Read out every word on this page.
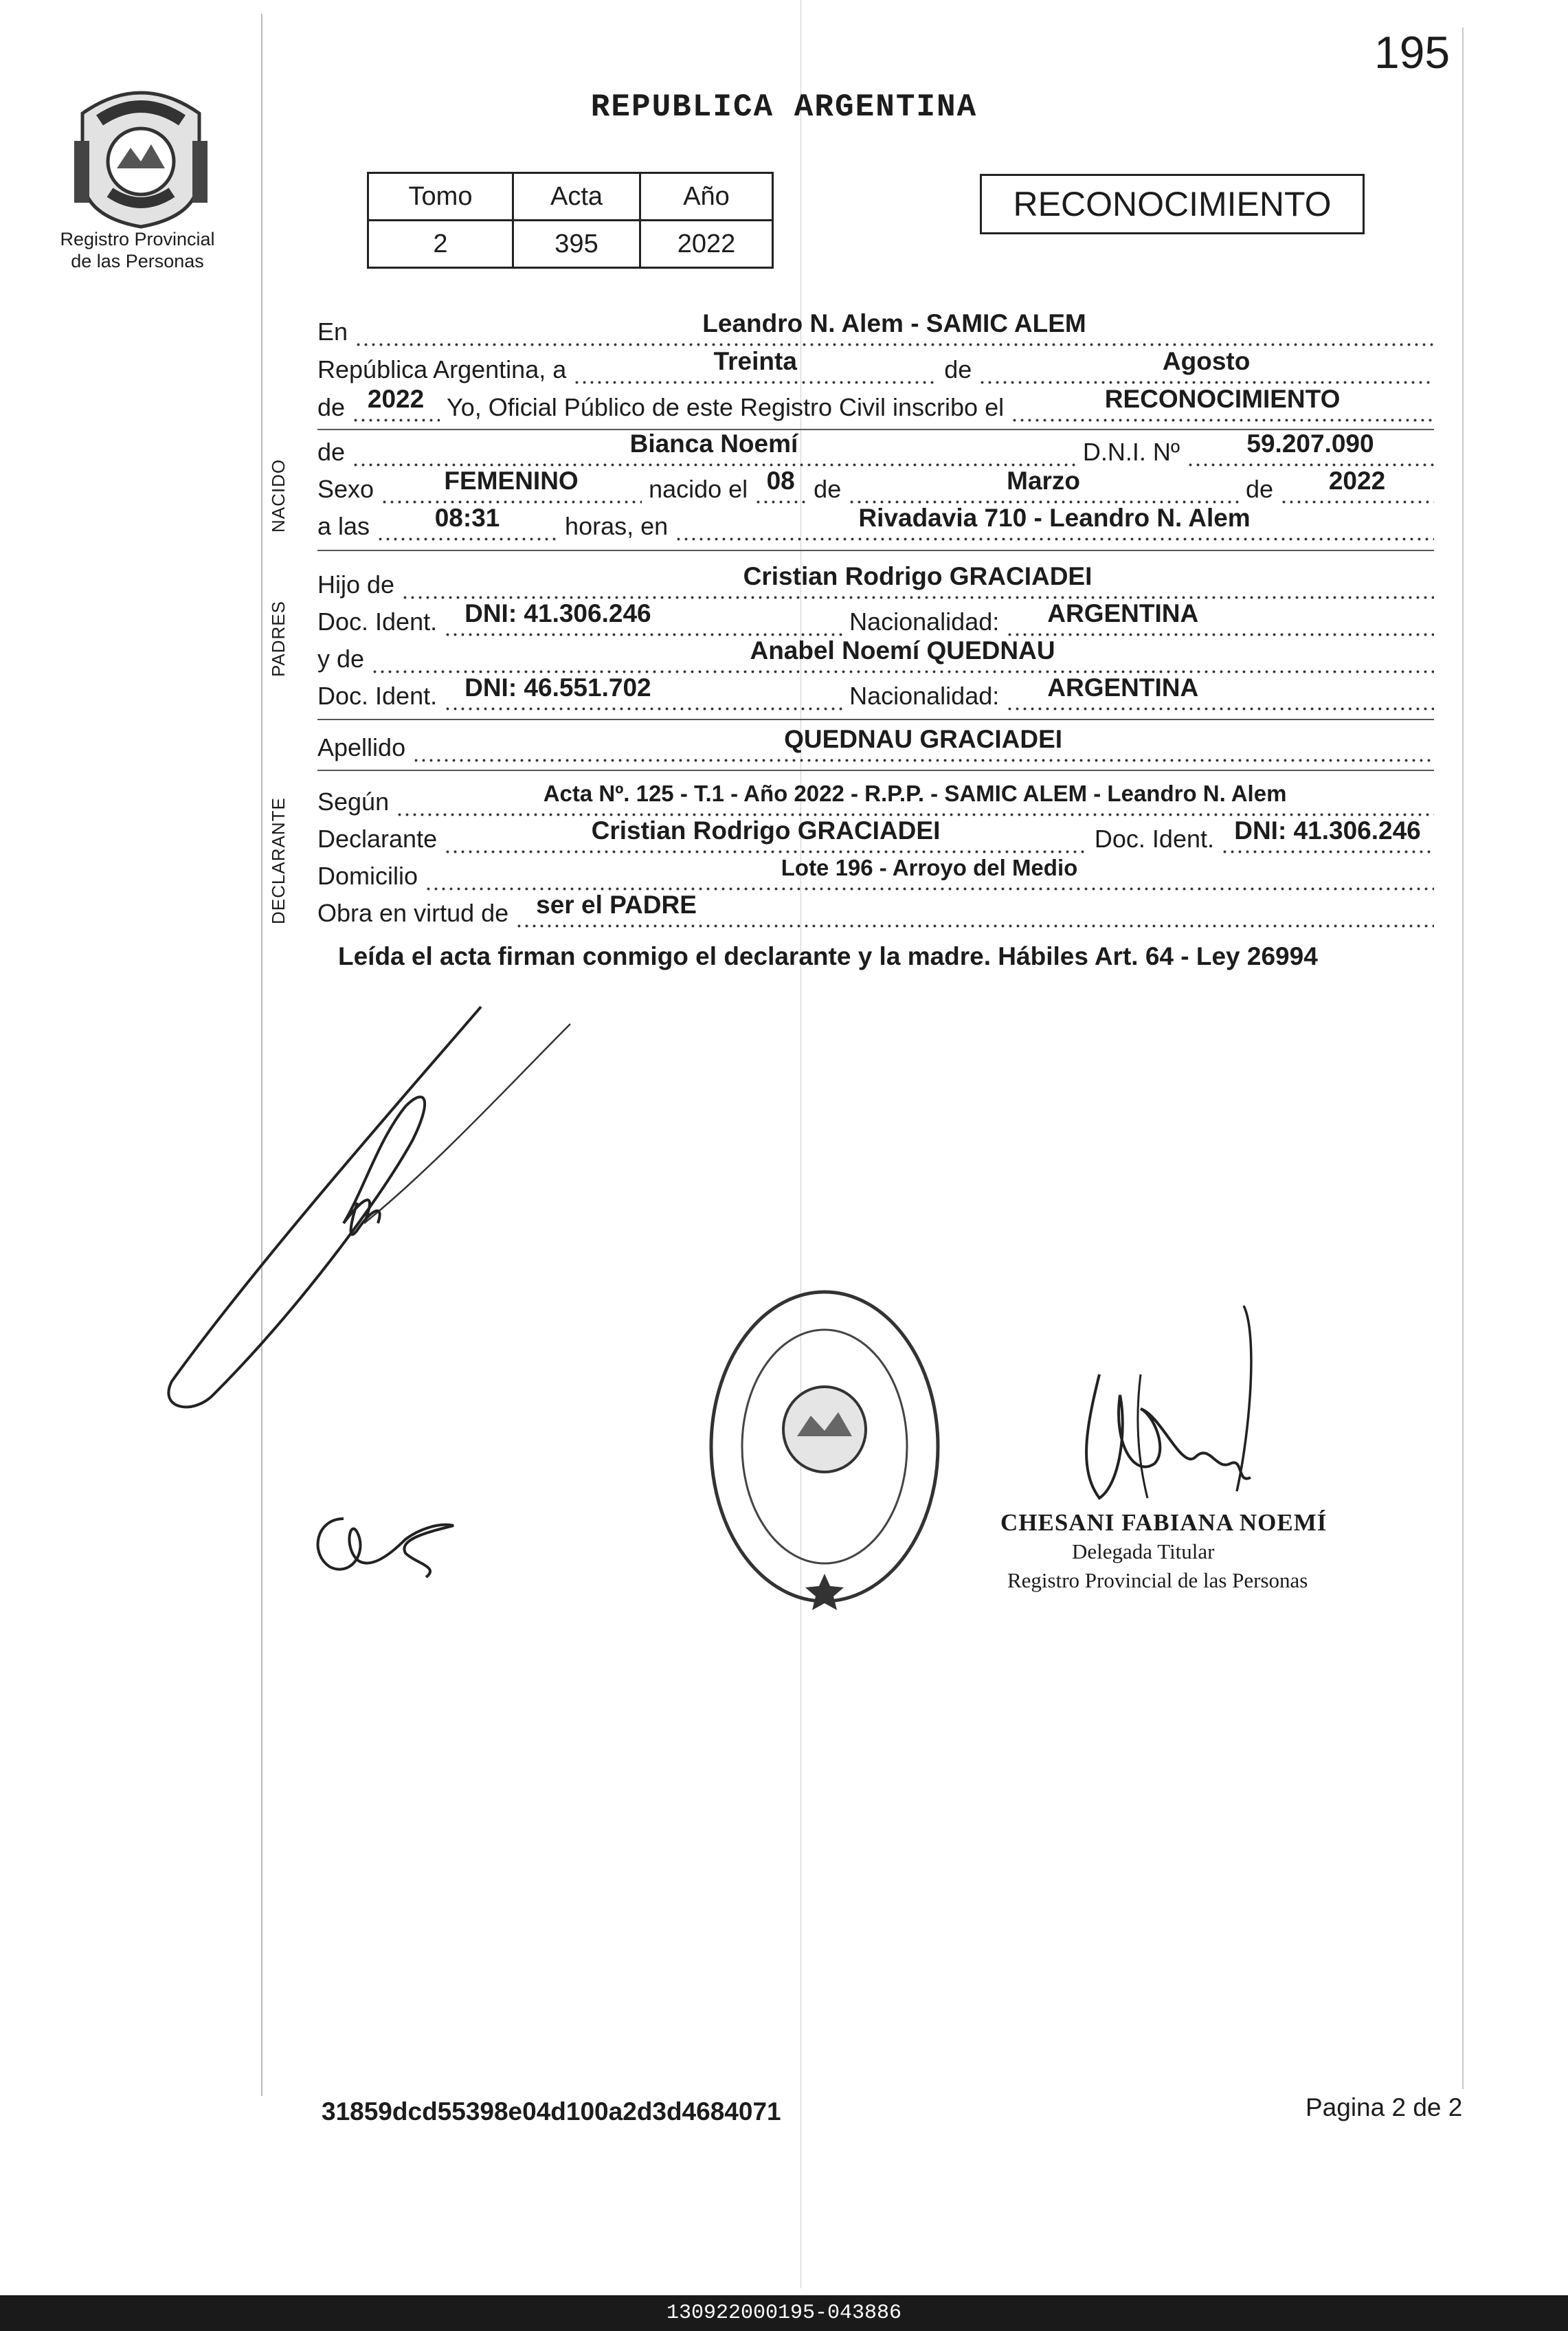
195
REPUBLICA ARGENTINA
Registro Provincial
de las Personas
Tomo	Acta	Año
2	395	2022
RECONOCIMIENTO
NACIDO
PADRES
DECLARANTE
En	Leandro N. Alem - SAMIC ALEM
República Argentina, a	Treinta	de	Agosto
de 2022 Yo, Oficial Público de este Registro Civil inscribo el	RECONOCIMIENTO
de	Bianca Noemí	D.N.I. Nº	59.207.090
Sexo	FEMENINO	nacido el 08 de	Marzo	de	2022
a las	08:31	horas, en	Rivadavia 710 - Leandro N. Alem
Hijo de	Cristian Rodrigo GRACIADEI
Doc. Ident.	DNI: 41.306.246	Nacionalidad:	ARGENTINA
y de	Anabel Noemí QUEDNAU
Doc. Ident.	DNI: 46.551.702	Nacionalidad:	ARGENTINA
Apellido	QUEDNAU GRACIADEI
Según	Acta Nº. 125 - T.1 - Año 2022 - R.P.P. - SAMIC ALEM - Leandro N. Alem
Declarante	Cristian Rodrigo GRACIADEI	Doc. Ident. DNI: 41.306.246
Domicilio	Lote 196 - Arroyo del Medio
Obra en virtud de	ser el PADRE
Leída el acta firman conmigo el declarante y la madre. Hábiles Art. 64 - Ley 26994
CHESANI FABIANA NOEMÍ
Delegada Titular
Registro Provincial de las Personas
31859dcd55398e04d100a2d3d4684071	Pagina 2 de 2
130922000195-043886
